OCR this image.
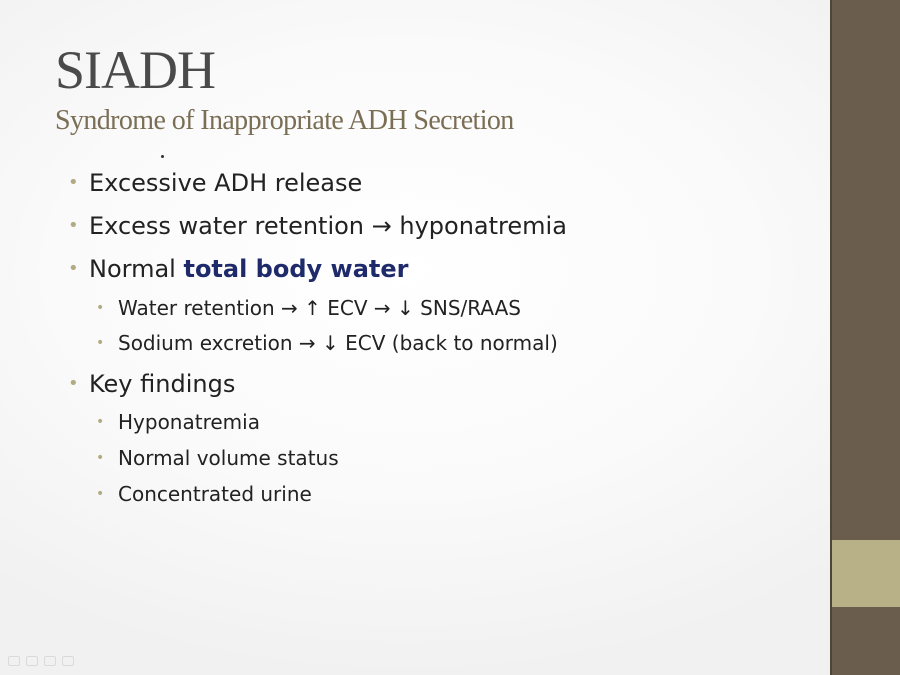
SIADH
Syndrome of Inappropriate ADH Secretion
• Excessive ADH release
• Excess water retention → hyponatremia
• Normal total body water
• Water retention → ↑ ECV → ↓ SNS/RAAS
• Sodium excretion → ↓ ECV (back to normal)
• Key findings
• Hyponatremia
• Normal volume status
• Concentrated urine
